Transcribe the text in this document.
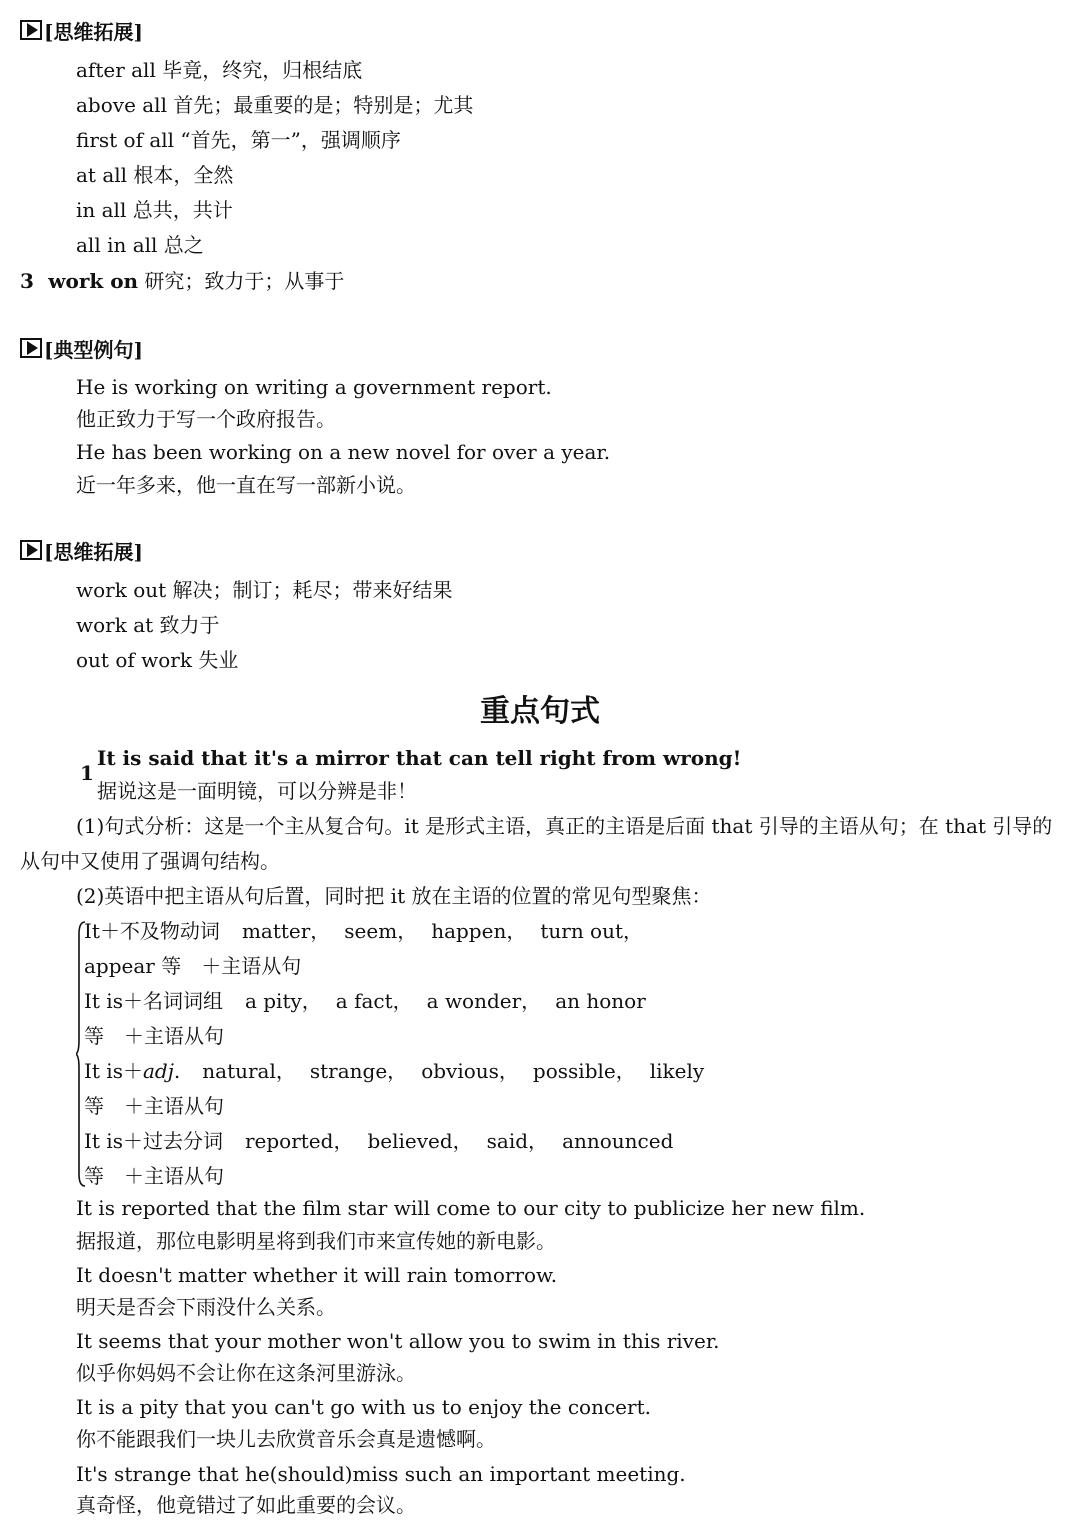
[思维拓展]
after all 毕竟，终究，归根结底
above all 首先；最重要的是；特别是；尤其
first of all “首先，第一”，强调顺序
at all 根本，全然
in all 总共，共计
all in all 总之
3 work on 研究；致力于；从事于
[典型例句]
He is working on writing a government report.
他正致力于写一个政府报告。
He has been working on a new novel for over a year.
近一年多来，他一直在写一部新小说。
[思维拓展]
work out 解决；制订；耗尽；带来好结果
work at 致力于
out of work 失业
重点句式
1
It is said that it's a mirror that can tell right from wrong!
据说这是一面明镜，可以分辨是非！
(1)句式分析：这是一个主从复合句。it 是形式主语，真正的主语是后面 that 引导的主语从句；在 that 引导的
从句中又使用了强调句结构。
(2)英语中把主语从句后置，同时把 it 放在主语的位置的常见句型聚焦：
It＋不及物动词 matter， seem， happen， turn out，
appear 等　＋主语从句
It is＋名词词组 a pity， a fact， a wonder， an honor
等　＋主语从句
It is＋adj. natural， strange， obvious， possible， likely
等　＋主语从句
It is＋过去分词 reported， believed， said， announced
等　＋主语从句
It is reported that the film star will come to our city to publicize her new film.
据报道，那位电影明星将到我们市来宣传她的新电影。
It doesn't matter whether it will rain tomorrow.
明天是否会下雨没什么关系。
It seems that your mother won't allow you to swim in this river.
似乎你妈妈不会让你在这条河里游泳。
It is a pity that you can't go with us to enjoy the concert.
你不能跟我们一块儿去欣赏音乐会真是遗憾啊。
It's strange that he(should)miss such an important meeting.
真奇怪，他竟错过了如此重要的会议。
